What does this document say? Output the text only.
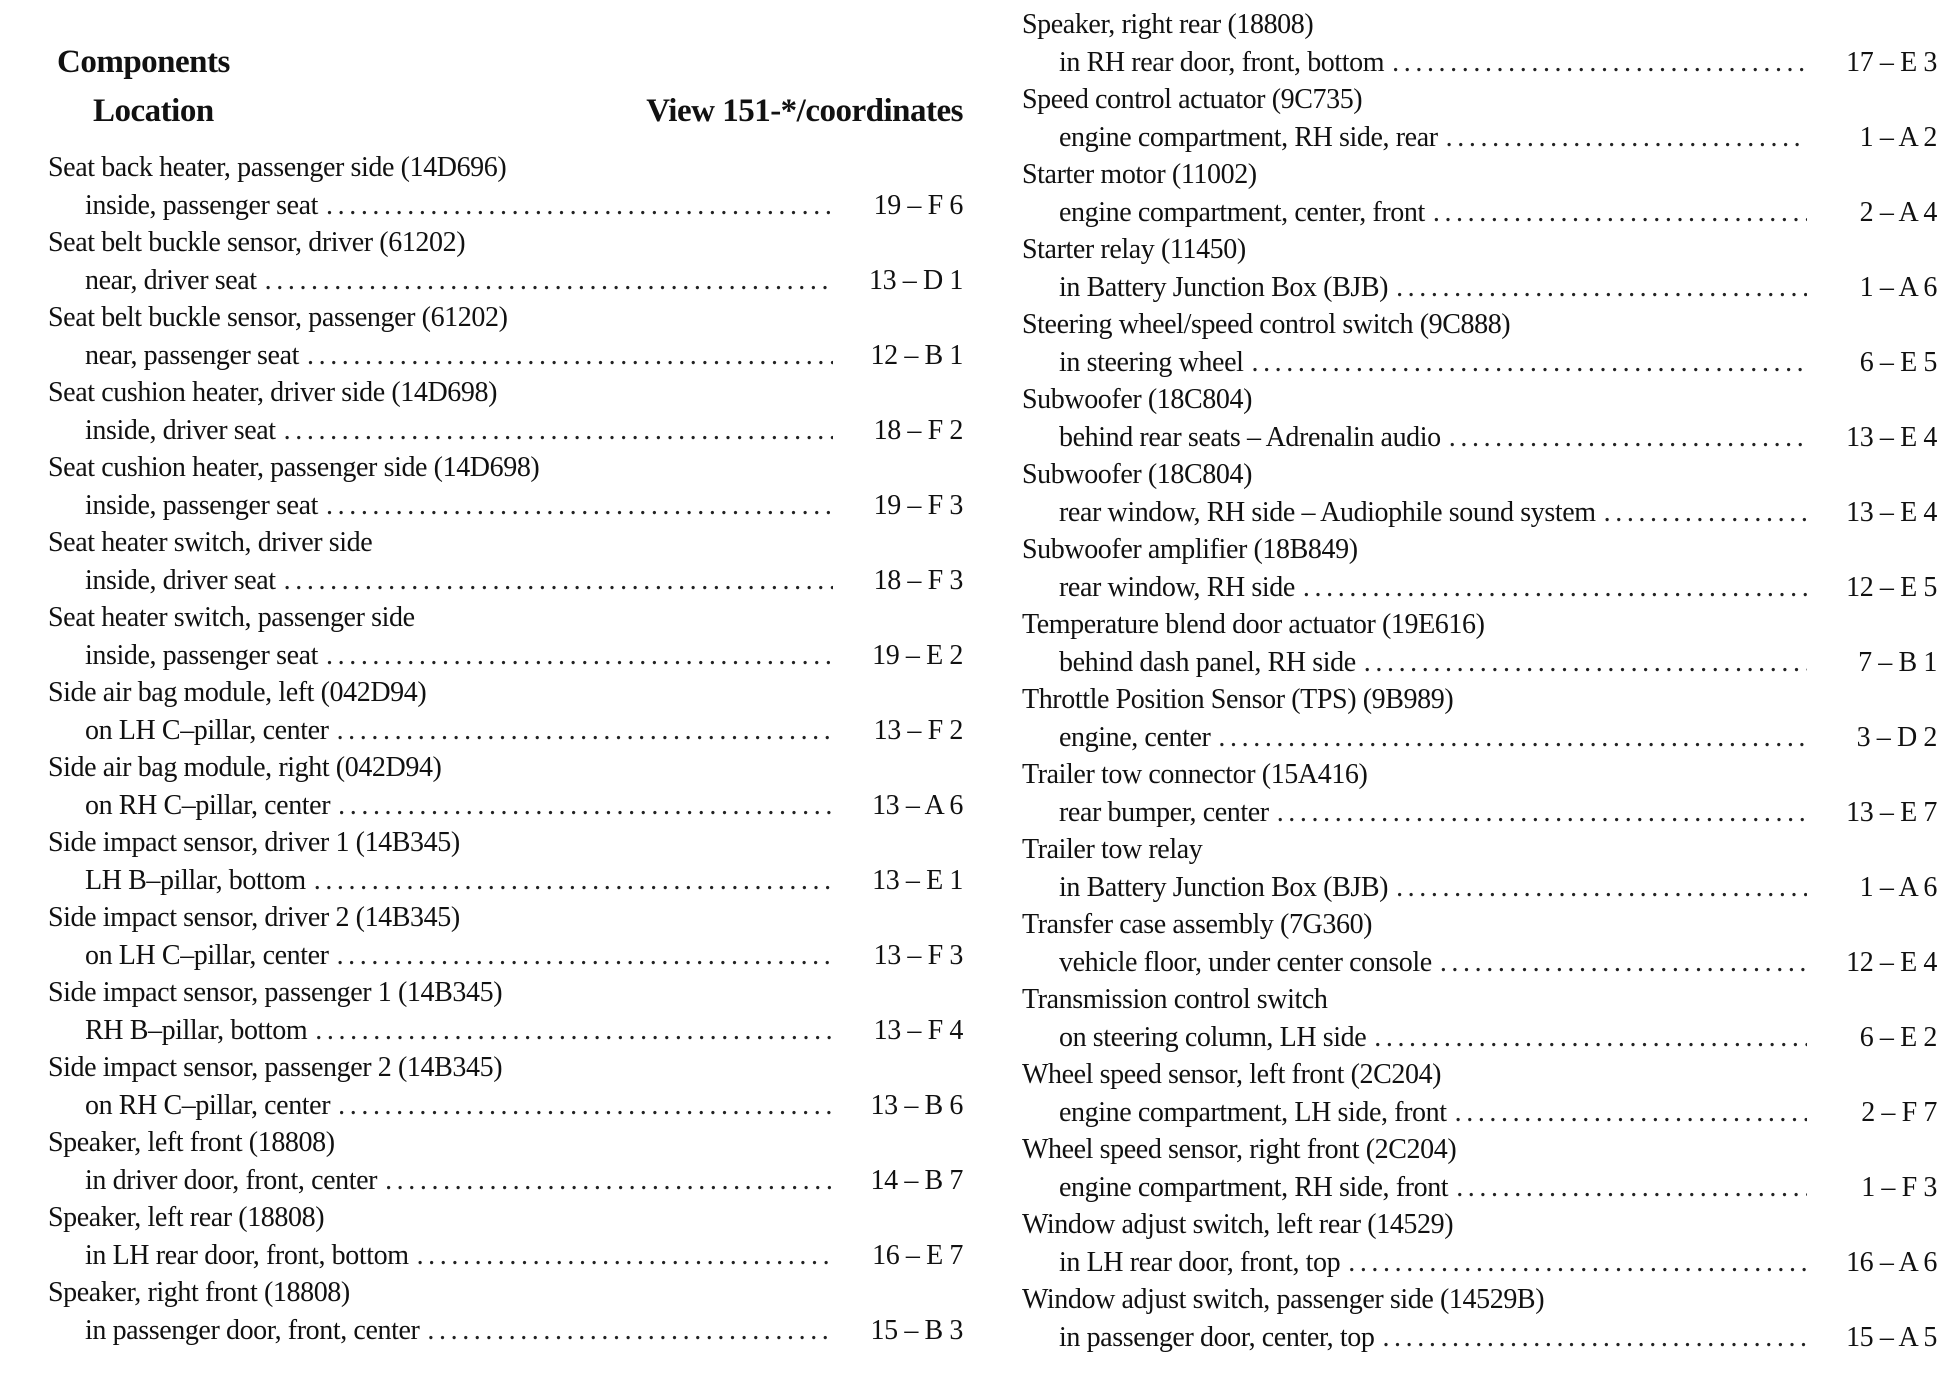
Components
Location	View 151-*/coordinates
Seat back heater, passenger side (14D696)
inside, passenger seat . . .	19 – F 6
Seat belt buckle sensor, driver (61202)
near, driver seat . . .	13 – D 1
Seat belt buckle sensor, passenger (61202)
near, passenger seat . . .	12 – B 1
Seat cushion heater, driver side (14D698)
inside, driver seat . . .	18 – F 2
Seat cushion heater, passenger side (14D698)
inside, passenger seat . . .	19 – F 3
Seat heater switch, driver side
inside, driver seat . . .	18 – F 3
Seat heater switch, passenger side
inside, passenger seat . . .	19 – E 2
Side air bag module, left (042D94)
on LH C–pillar, center . . .	13 – F 2
Side air bag module, right (042D94)
on RH C–pillar, center . . .	13 – A 6
Side impact sensor, driver 1 (14B345)
LH B–pillar, bottom . . .	13 – E 1
Side impact sensor, driver 2 (14B345)
on LH C–pillar, center . . .	13 – F 3
Side impact sensor, passenger 1 (14B345)
RH B–pillar, bottom . . .	13 – F 4
Side impact sensor, passenger 2 (14B345)
on RH C–pillar, center . . .	13 – B 6
Speaker, left front (18808)
in driver door, front, center . . .	14 – B 7
Speaker, left rear (18808)
in LH rear door, front, bottom . . .	16 – E 7
Speaker, right front (18808)
in passenger door, front, center . . .	15 – B 3
Speaker, right rear (18808)
in RH rear door, front, bottom . . .	17 – E 3
Speed control actuator (9C735)
engine compartment, RH side, rear . . .	1 – A 2
Starter motor (11002)
engine compartment, center, front . . .	2 – A 4
Starter relay (11450)
in Battery Junction Box (BJB) . . .	1 – A 6
Steering wheel/speed control switch (9C888)
in steering wheel . . .	6 – E 5
Subwoofer (18C804)
behind rear seats – Adrenalin audio . . .	13 – E 4
Subwoofer (18C804)
rear window, RH side – Audiophile sound system . . .	13 – E 4
Subwoofer amplifier (18B849)
rear window, RH side . . .	12 – E 5
Temperature blend door actuator (19E616)
behind dash panel, RH side . . .	7 – B 1
Throttle Position Sensor (TPS) (9B989)
engine, center . . .	3 – D 2
Trailer tow connector (15A416)
rear bumper, center . . .	13 – E 7
Trailer tow relay
in Battery Junction Box (BJB) . . .	1 – A 6
Transfer case assembly (7G360)
vehicle floor, under center console . . .	12 – E 4
Transmission control switch
on steering column, LH side . . .	6 – E 2
Wheel speed sensor, left front (2C204)
engine compartment, LH side, front . . .	2 – F 7
Wheel speed sensor, right front (2C204)
engine compartment, RH side, front . . .	1 – F 3
Window adjust switch, left rear (14529)
in LH rear door, front, top . . .	16 – A 6
Window adjust switch, passenger side (14529B)
in passenger door, center, top . . .	15 – A 5
